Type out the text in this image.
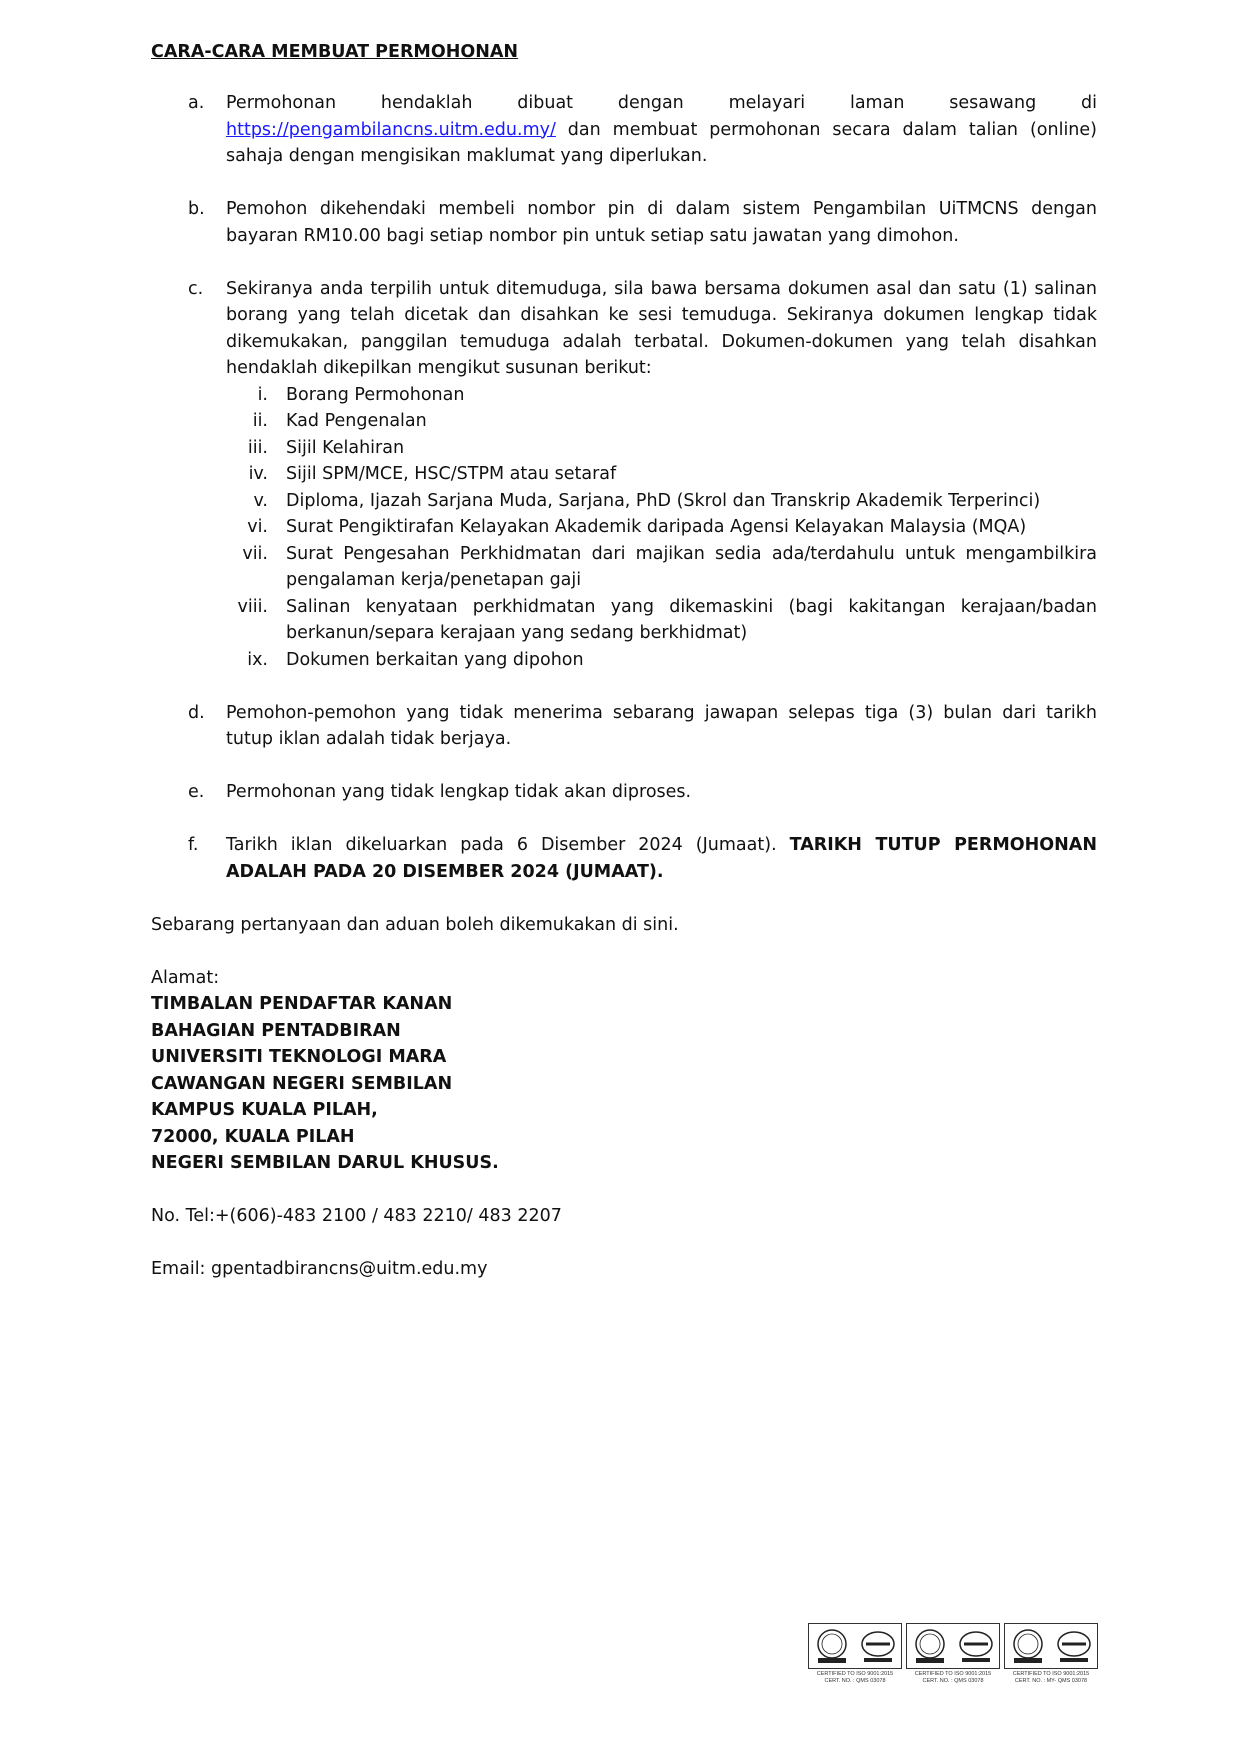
CARA-CARA MEMBUAT PERMOHONAN
a.	Permohonan hendaklah dibuat dengan melayari laman sesawang di
https://pengambilancns.uitm.edu.my/ dan membuat permohonan secara dalam talian (online) sahaja dengan mengisikan maklumat yang diperlukan.
b.	Pemohon dikehendaki membeli nombor pin di dalam sistem Pengambilan UiTMCNS dengan bayaran RM10.00 bagi setiap nombor pin untuk setiap satu jawatan yang dimohon.
c.	Sekiranya anda terpilih untuk ditemuduga, sila bawa bersama dokumen asal dan satu (1) salinan borang yang telah dicetak dan disahkan ke sesi temuduga. Sekiranya dokumen lengkap tidak dikemukakan, panggilan temuduga adalah terbatal. Dokumen-dokumen yang telah disahkan hendaklah dikepilkan mengikut susunan berikut:
i.	Borang Permohonan
ii.	Kad Pengenalan
iii.	Sijil Kelahiran
iv.	Sijil SPM/MCE, HSC/STPM atau setaraf
v.	Diploma, Ijazah Sarjana Muda, Sarjana, PhD (Skrol dan Transkrip Akademik Terperinci)
vi.	Surat Pengiktirafan Kelayakan Akademik daripada Agensi Kelayakan Malaysia (MQA)
vii.	Surat Pengesahan Perkhidmatan dari majikan sedia ada/terdahulu untuk mengambilkira pengalaman kerja/penetapan gaji
viii.	Salinan kenyataan perkhidmatan yang dikemaskini (bagi kakitangan kerajaan/badan berkanun/separa kerajaan yang sedang berkhidmat)
ix.	Dokumen berkaitan yang dipohon
d.	Pemohon-pemohon yang tidak menerima sebarang jawapan selepas tiga (3) bulan dari tarikh tutup iklan adalah tidak berjaya.
e.	Permohonan yang tidak lengkap tidak akan diproses.
f.	Tarikh iklan dikeluarkan pada 6 Disember 2024 (Jumaat). TARIKH TUTUP PERMOHONAN ADALAH PADA 20 DISEMBER 2024 (JUMAAT).
Sebarang pertanyaan dan aduan boleh dikemukakan di sini.
Alamat:
TIMBALAN PENDAFTAR KANAN
BAHAGIAN PENTADBIRAN
UNIVERSITI TEKNOLOGI MARA
CAWANGAN NEGERI SEMBILAN
KAMPUS KUALA PILAH,
72000, KUALA PILAH
NEGERI SEMBILAN DARUL KHUSUS.
No. Tel:+(606)-483 2100 / 483 2210/ 483 2207
Email: gpentadbirancns@uitm.edu.my
CERTIFIED TO ISO 9001:2015
CERT. NO. : QMS 03078
CERTIFIED TO ISO 9001:2015
CERT. NO. : QMS 03078
CERTIFIED TO ISO 9001:2015
CERT. NO. : MY- QMS 03078
